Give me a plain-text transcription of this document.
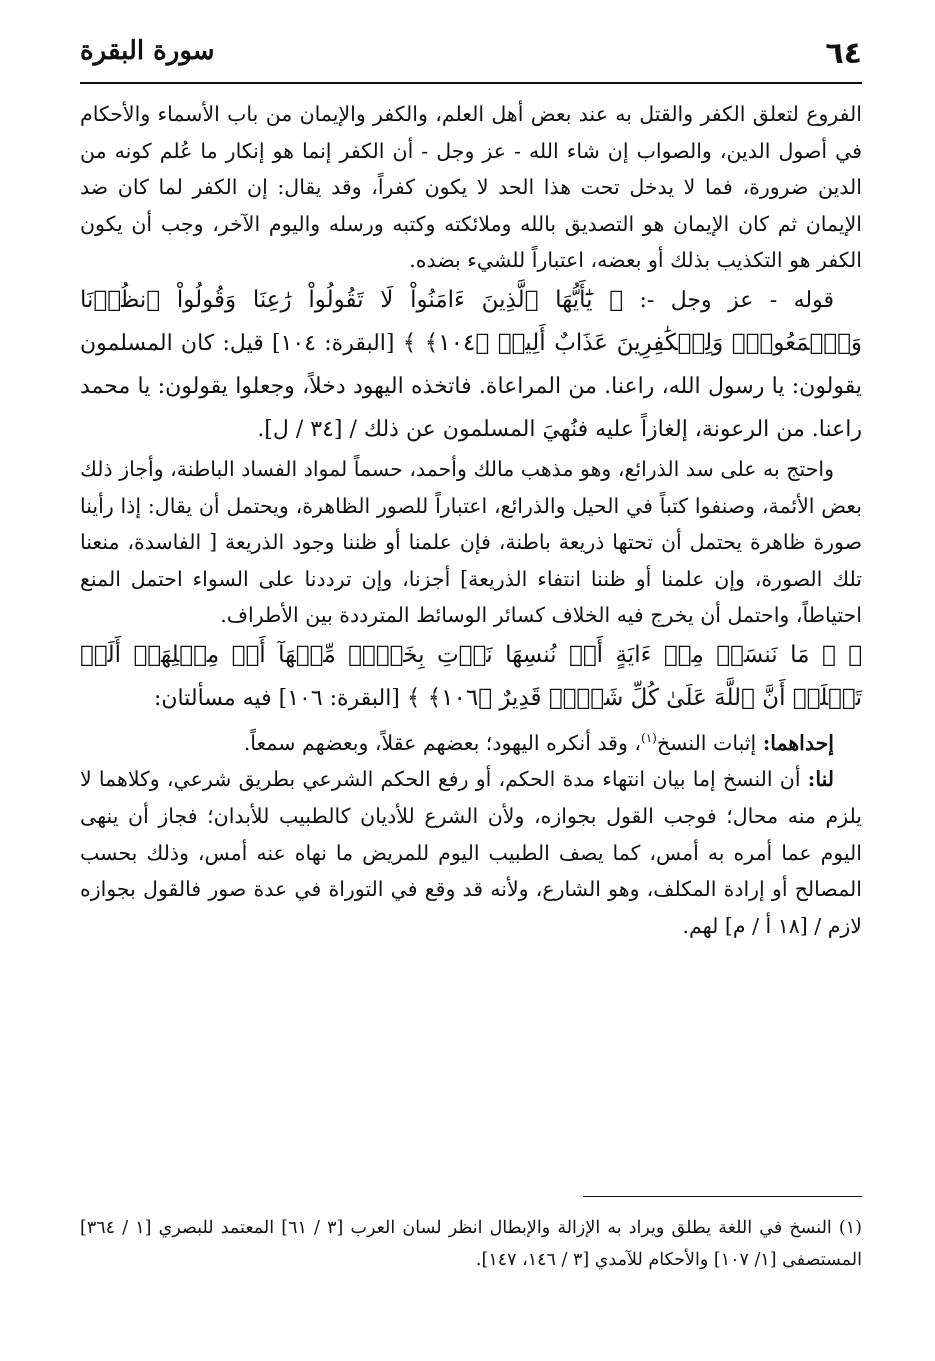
٦٤
سورة البقرة

الفروع لتعلق الكفر والقتل به عند بعض أهل العلم، والكفر والإيمان من باب الأسماء والأحكام في أصول الدين، والصواب إن شاء الله - عز وجل - أن الكفر إنما هو إنكار ما عُلم كونه من الدين ضرورة، فما لا يدخل تحت هذا الحد لا يكون كفراً، وقد يقال: إن الكفر لما كان ضد الإيمان ثم كان الإيمان هو التصديق بالله وملائكته وكتبه ورسله واليوم الآخر، وجب أن يكون الكفر هو التكذيب بذلك أو بعضه، اعتباراً للشيء بضده.

قوله - عز وجل -: ﴿ يَٰٓأَيُّهَا ٱلَّذِينَ ءَامَنُواْ لَا تَقُولُواْ رَٰعِنَا وَقُولُواْ ٱنظُرۡنَا وَٱسۡمَعُواْۗ وَلِلۡكَٰفِرِينَ عَذَابٌ أَلِيمٞ ﴿١٠٤﴾ ﴾ [البقرة: ١٠٤] قيل: كان المسلمون يقولون: يا رسول الله، راعنا. من المراعاة. فاتخذه اليهود دخلاً، وجعلوا يقولون: يا محمد راعنا. من الرعونة، إلغازاً عليه فنُهيَ المسلمون عن ذلك / [٣٤ / ل].

واحتج به على سد الذرائع، وهو مذهب مالك وأحمد، حسماً لمواد الفساد الباطنة، وأجاز ذلك بعض الأئمة، وصنفوا كتباً في الحيل والذرائع، اعتباراً للصور الظاهرة، ويحتمل أن يقال: إذا رأينا صورة ظاهرة يحتمل أن تحتها ذريعة باطنة، فإن علمنا أو ظننا وجود الذريعة [ الفاسدة، منعنا تلك الصورة، وإن علمنا أو ظننا انتفاء الذريعة] أجزنا، وإن ترددنا على السواء احتمل المنع احتياطاً، واحتمل أن يخرج فيه الخلاف كسائر الوسائط المترددة بين الأطراف.

﴿ ۞ مَا نَنسَخۡ مِنۡ ءَايَةٍ أَوۡ نُنسِهَا نَأۡتِ بِخَيۡرٖ مِّنۡهَآ أَوۡ مِثۡلِهَآۗ أَلَمۡ تَعۡلَمۡ أَنَّ ٱللَّهَ عَلَىٰ كُلِّ شَيۡءٖ قَدِيرٌ ﴿١٠٦﴾ ﴾ [البقرة: ١٠٦] فيه مسألتان:

إحداهما: إثبات النسخ$^{(١)}$، وقد أنكره اليهود؛ بعضهم عقلاً، وبعضهم سمعاً.

لنا: أن النسخ إما بيان انتهاء مدة الحكم، أو رفع الحكم الشرعي بطريق شرعي، وكلاهما لا يلزم منه محال؛ فوجب القول بجوازه، ولأن الشرع للأديان كالطبيب للأبدان؛ فجاز أن ينهى اليوم عما أمره به أمس، كما يصف الطبيب اليوم للمريض ما نهاه عنه أمس، وذلك بحسب المصالح أو إرادة المكلف، وهو الشارع، ولأنه قد وقع في التوراة في عدة صور فالقول بجوازه لازم / [١٨ أ / م] لهم.

(١) النسخ في اللغة يطلق ويراد به الإزالة والإبطال انظر لسان العرب [٣ / ٦١] المعتمد للبصري [١ / ٣٦٤] المستصفى [١/ ١٠٧] والأحكام للآمدي [٣ / ١٤٦، ١٤٧].
